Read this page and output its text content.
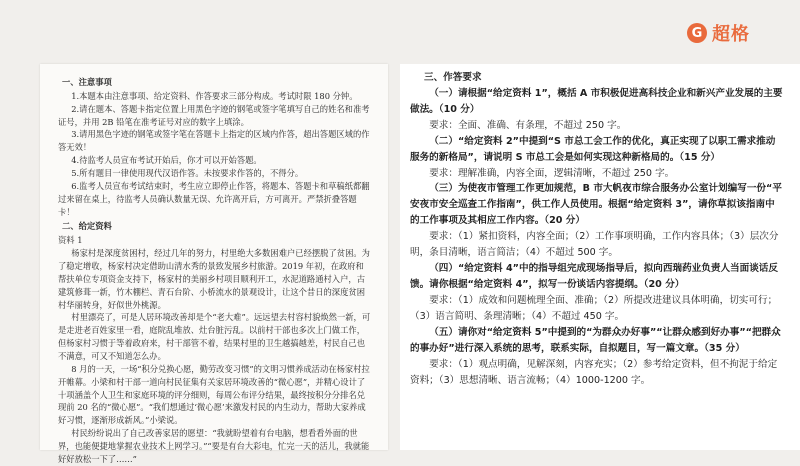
G 超格

一、注意事项

1.本题本由注意事项、给定资料、作答要求三部分构成。考试时限 180 分钟。

2.请在题本、答题卡指定位置上用黑色字迹的钢笔或签字笔填写自己的姓名和准考证号，并用 2B 铅笔在准考证号对应的数字上填涂。

3.请用黑色字迹的钢笔或签字笔在答题卡上指定的区域内作答，超出答题区域的作答无效！

4.待监考人员宣布考试开始后，你才可以开始答题。

5.所有题目一律使用现代汉语作答。未按要求作答的，不得分。

6.监考人员宣布考试结束时，考生应立即停止作答，将题本、答题卡和草稿纸都翻过来留在桌上，待监考人员确认数量无误、允许离开后，方可离开。严禁折叠答题卡！

二、给定资料

资料 1

杨家村是深度贫困村，经过几年的努力，村里绝大多数困难户已经摆脱了贫困。为了稳定增收，杨家村决定借助山清水秀的景致发展乡村旅游。2019 年初，在政府和帮扶单位专项资金支持下，杨家村的美丽乡村项目顺利开工，水泥道路通村入户，古建筑修葺一新，竹木棚栏、青石台阶、小桥流水的景观设计，让这个昔日的深度贫困村华丽转身，好似世外桃源。

村里漂亮了，可是人居环境改善却是个“老大难”。远远望去村容村貌焕然一新，可是走进老百姓家里一看，庭院乱堆放、灶台脏污乱。以前村干部也多次上门做工作，但杨家村习惯于等着政府来，村干部管不着，结果村里的卫生越搞越差，村民自己也不满意，可又不知道怎么办。

8 月的一天，一场“积分兑换心愿，勤劳改变习惯”的文明习惯养成活动在杨家村拉开帷幕。小梁和村干部一道向村民征集有关家居环境改善的“微心愿”，并精心设计了十项涵盖个人卫生和家庭环境的评分细则，每周公布评分结果，最终按积分分排名兑现前 20 名的“微心愿”。“我们想通过‘微心愿’来激发村民的内生动力，帮助大家养成好习惯，逐渐形成新风。”小梁说。

村民纷纷说出了自己改善家居的愿望：“我就盼望着有台电脑，想看看外面的世界，也能便捷地掌握农业技术上网学习。”“要是有台大彩电，忙完一天的活儿，我就能好好放松一下了……”

三、作答要求

（一）请根据“给定资料 1”，概括 A 市积极促进高科技企业和新兴产业发展的主要做法。（10 分）

要求：全面、准确、有条理，不超过 250 字。

（二）“给定资料 2”中提到“S 市总工会工作的优化，真正实现了以职工需求推动服务的新格局”，请说明 S 市总工会是如何实现这种新格局的。（15 分）

要求：理解准确，内容全面，逻辑清晰，不超过 250 字。

（三）为使夜市管理工作更加规范，B 市大帆夜市综合服务办公室计划编写一份“平安夜市安全巡查工作指南”，供工作人员使用。根据“给定资料 3”，请你草拟该指南中的工作事项及其相应工作内容。（20 分）

要求：（1）紧扣资料，内容全面；（2）工作事项明确，工作内容具体；（3）层次分明，条目清晰，语言简洁；（4）不超过 500 字。

（四）“给定资料 4”中的指导组完成现场指导后，拟向西瑞药业负责人当面谈话反馈。请你根据“给定资料 4”，拟写一份谈话内容提纲。（20 分）

要求：（1）成效和问题梳理全面、准确；（2）所提改进建议具体明确，切实可行；（3）语言简明、条理清晰；（4）不超过 450 字。

（五）请你对“给定资料 5”中提到的“为群众办好事”“让群众感到好办事”“把群众的事办好”进行深入系统的思考，联系实际，自拟题目，写一篇文章。（35 分）

要求：（1）观点明确，见解深刻，内容充实；（2）参考给定资料，但不拘泥于给定资料；（3）思想清晰、语言流畅；（4）1000-1200 字。
